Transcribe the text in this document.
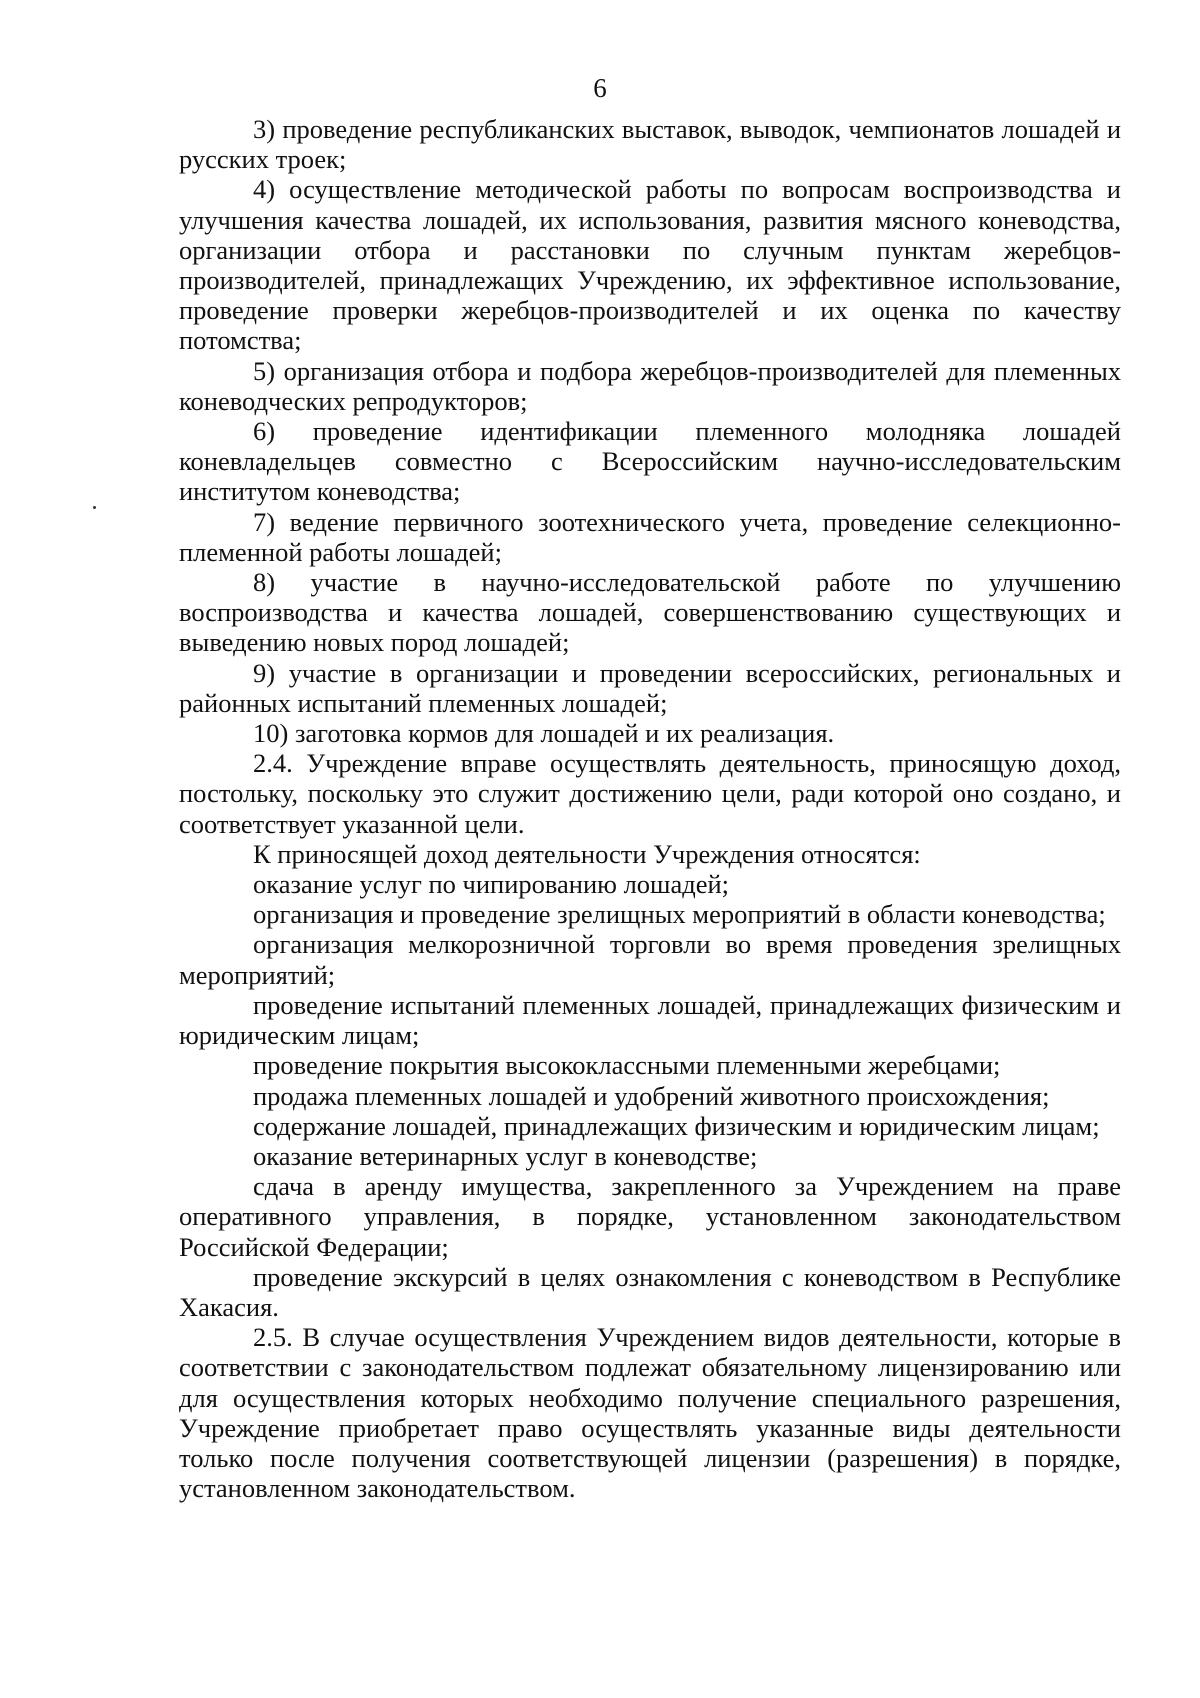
6

3) проведение республиканских выставок, выводок, чемпионатов лошадей и русских троек;

4) осуществление методической работы по вопросам воспроизводства и улучшения качества лошадей, их использования, развития мясного коневодства, организации отбора и расстановки по случным пунктам жеребцов-производителей, принадлежащих Учреждению, их эффективное использование, проведение проверки жеребцов-производителей и их оценка по качеству потомства;

5) организация отбора и подбора жеребцов-производителей для племенных коневодческих репродукторов;

6) проведение идентификации племенного молодняка лошадей коневладельцев совместно с Всероссийским научно-исследовательским институтом коневодства;

7) ведение первичного зоотехнического учета, проведение селекционно-племенной работы лошадей;

8) участие в научно-исследовательской работе по улучшению воспроизводства и качества лошадей, совершенствованию существующих и выведению новых пород лошадей;

9) участие в организации и проведении всероссийских, региональных и районных испытаний племенных лошадей;

10) заготовка кормов для лошадей и их реализация.

2.4. Учреждение вправе осуществлять деятельность, приносящую доход, постольку, поскольку это служит достижению цели, ради которой оно создано, и соответствует указанной цели.

К приносящей доход деятельности Учреждения относятся:

оказание услуг по чипированию лошадей;

организация и проведение зрелищных мероприятий в области коневодства;

организация мелкорозничной торговли во время проведения зрелищных мероприятий;

проведение испытаний племенных лошадей, принадлежащих физическим и юридическим лицам;

проведение покрытия высококлассными племенными жеребцами;

продажа племенных лошадей и удобрений животного происхождения;

содержание лошадей, принадлежащих физическим и юридическим лицам;

оказание ветеринарных услуг в коневодстве;

сдача в аренду имущества, закрепленного за Учреждением на праве оперативного управления, в порядке, установленном законодательством Российской Федерации;

проведение экскурсий в целях ознакомления с коневодством в Республике Хакасия.

2.5. В случае осуществления Учреждением видов деятельности, которые в соответствии с законодательством подлежат обязательному лицензированию или для осуществления которых необходимо получение специального разрешения, Учреждение приобретает право осуществлять указанные виды деятельности только после получения соответствующей лицензии (разрешения) в порядке, установленном законодательством.
